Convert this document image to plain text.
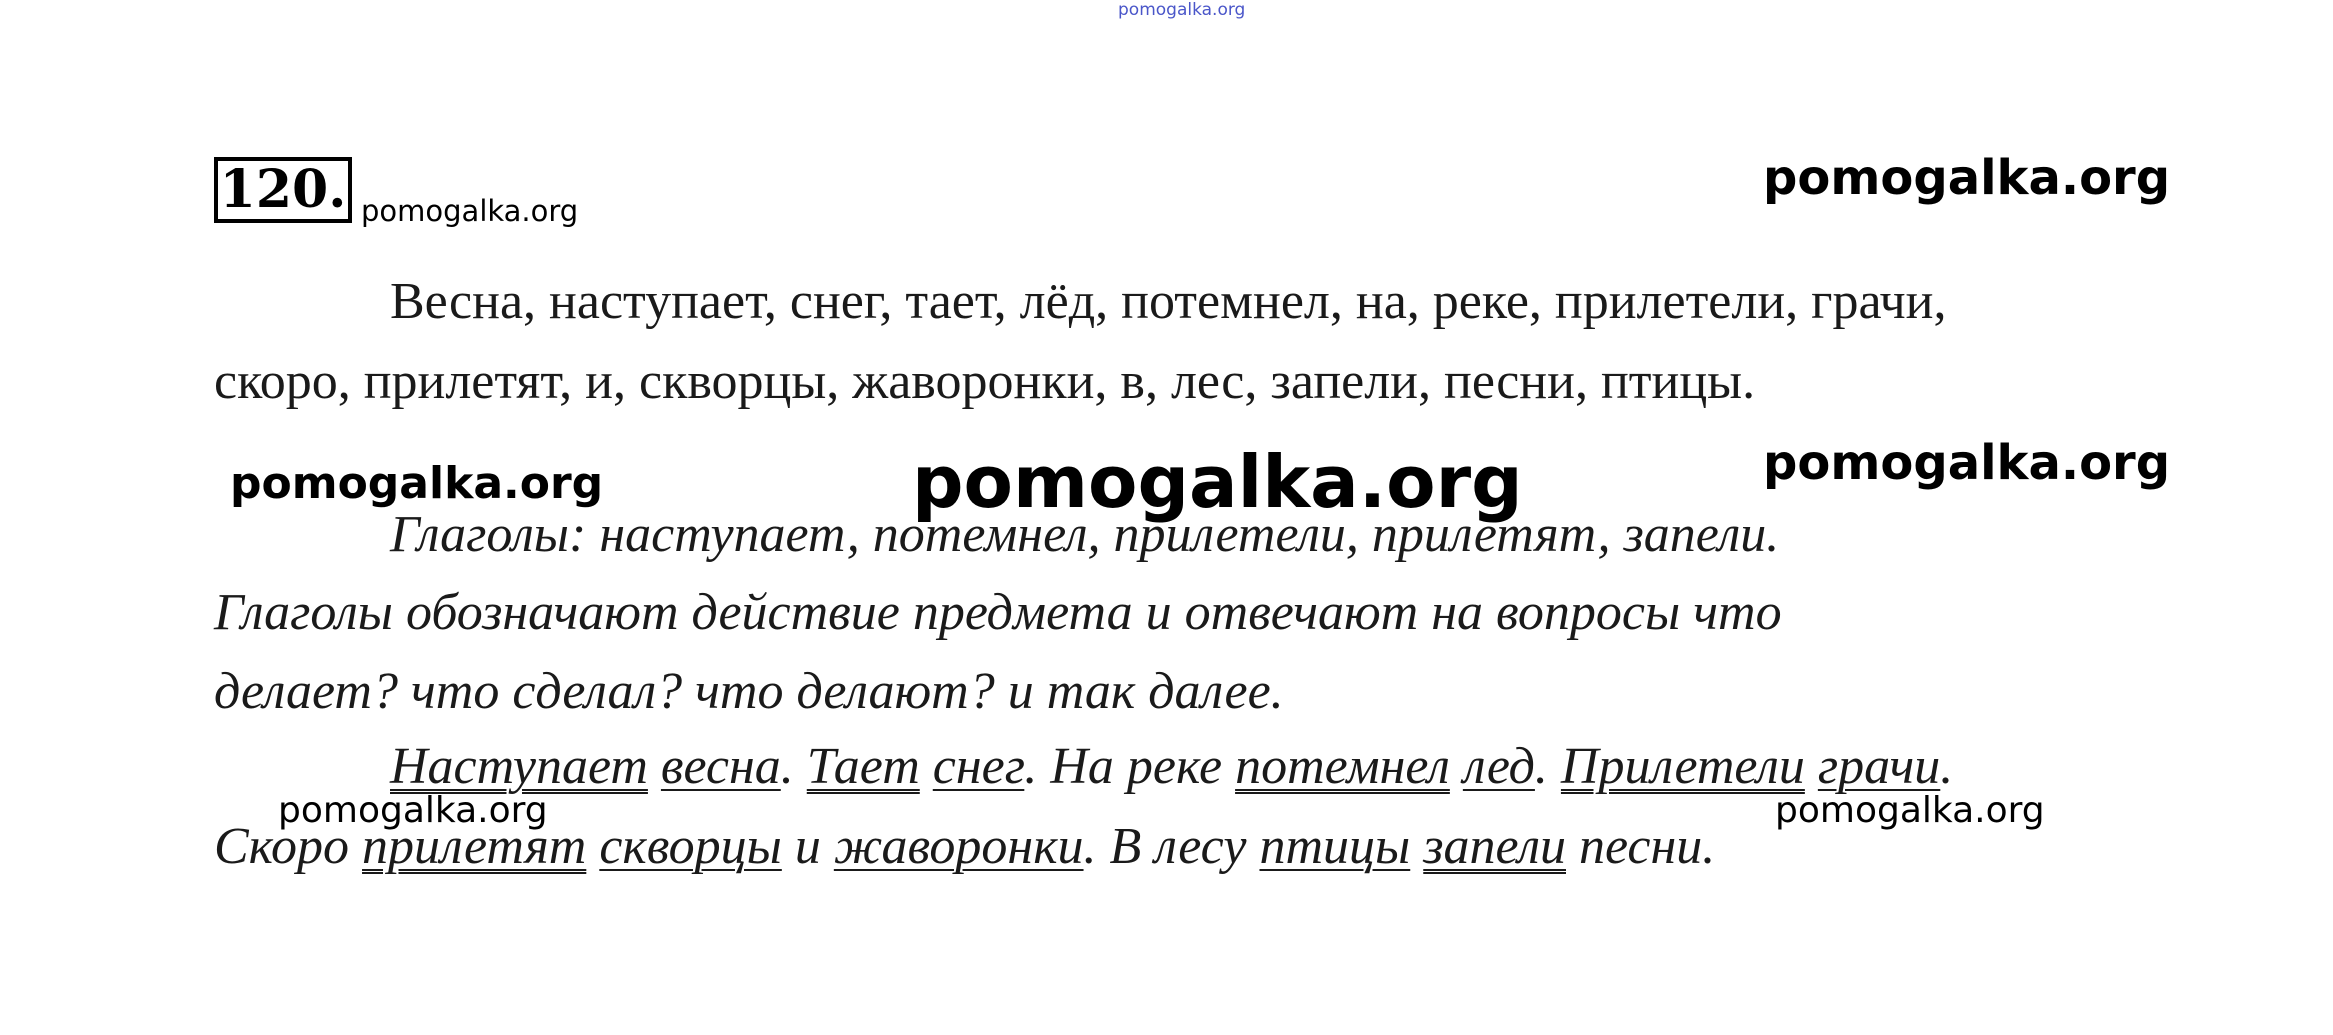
pomogalka.org
120. pomogalka.org
pomogalka.org
Весна, наступает, снег, тает, лёд, потемнел, на, реке, прилетели, грачи,
скоро, прилетят, и, скворцы, жаворонки, в, лес, запели, песни, птицы.
pomogalka.org	pomogalka.org	pomogalka.org
Глаголы: наступает, потемнел, прилетели, прилетят, запели.
Глаголы обозначают действие предмета и отвечают на вопросы что
делает? что сделал? что делают? и так далее.
Наступает весна. Тает снег. На реке потемнел лед. Прилетели грачи.
Скоро прилетят скворцы и жаворонки. В лесу птицы запели песни.
pomogalka.org	pomogalka.org
